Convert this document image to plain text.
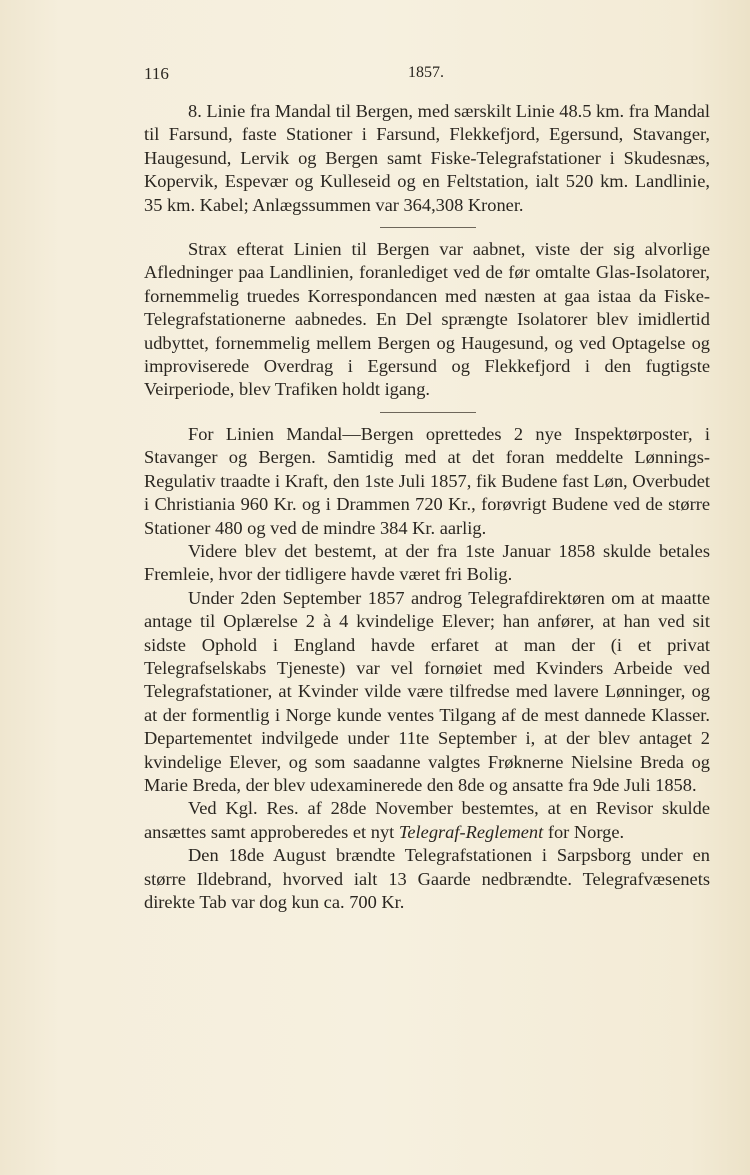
116	1857.

8. Linie fra Mandal til Bergen, med særskilt Linie 48.5 km. fra Mandal til Farsund, faste Stationer i Farsund, Flekkefjord, Egersund, Stavanger, Haugesund, Lervik og Bergen samt Fiske-Telegrafstationer i Skudesnæs, Kopervik, Espevær og Kulleseid og en Feltstation, ialt 520 km. Landlinie, 35 km. Kabel; Anlægssummen var 364,308 Kroner.

Strax efterat Linien til Bergen var aabnet, viste der sig alvorlige Afledninger paa Landlinien, foranlediget ved de før omtalte Glas-Isolatorer, fornemmelig truedes Korrespondancen med næsten at gaa istaa da Fiske-Telegrafstationerne aabnedes. En Del sprængte Isolatorer blev imidlertid udbyttet, fornemmelig mellem Bergen og Haugesund, og ved Optagelse og improviserede Overdrag i Egersund og Flekkefjord i den fugtigste Veirperiode, blev Trafiken holdt igang.

For Linien Mandal—Bergen oprettedes 2 nye Inspektørposter, i Stavanger og Bergen. Samtidig med at det foran meddelte Lønnings-Regulativ traadte i Kraft, den 1ste Juli 1857, fik Budene fast Løn, Overbudet i Christiania 960 Kr. og i Drammen 720 Kr., forøvrigt Budene ved de større Stationer 480 og ved de mindre 384 Kr. aarlig.

Videre blev det bestemt, at der fra 1ste Januar 1858 skulde betales Fremleie, hvor der tidligere havde været fri Bolig.

Under 2den September 1857 androg Telegrafdirektøren om at maatte antage til Oplærelse 2 à 4 kvindelige Elever; han anfører, at han ved sit sidste Ophold i England havde erfaret at man der (i et privat Telegrafselskabs Tjeneste) var vel fornøiet med Kvinders Arbeide ved Telegrafstationer, at Kvinder vilde være tilfredse med lavere Lønninger, og at der formentlig i Norge kunde ventes Tilgang af de mest dannede Klasser. Departementet indvilgede under 11te September i, at der blev antaget 2 kvindelige Elever, og som saadanne valgtes Frøknerne Nielsine Breda og Marie Breda, der blev udexaminerede den 8de og ansatte fra 9de Juli 1858.

Ved Kgl. Res. af 28de November bestemtes, at en Revisor skulde ansættes samt approberedes et nyt Telegraf-Reglement for Norge.

Den 18de August brændte Telegrafstationen i Sarpsborg under en større Ildebrand, hvorved ialt 13 Gaarde nedbrændte. Telegrafvæsenets direkte Tab var dog kun ca. 700 Kr.
